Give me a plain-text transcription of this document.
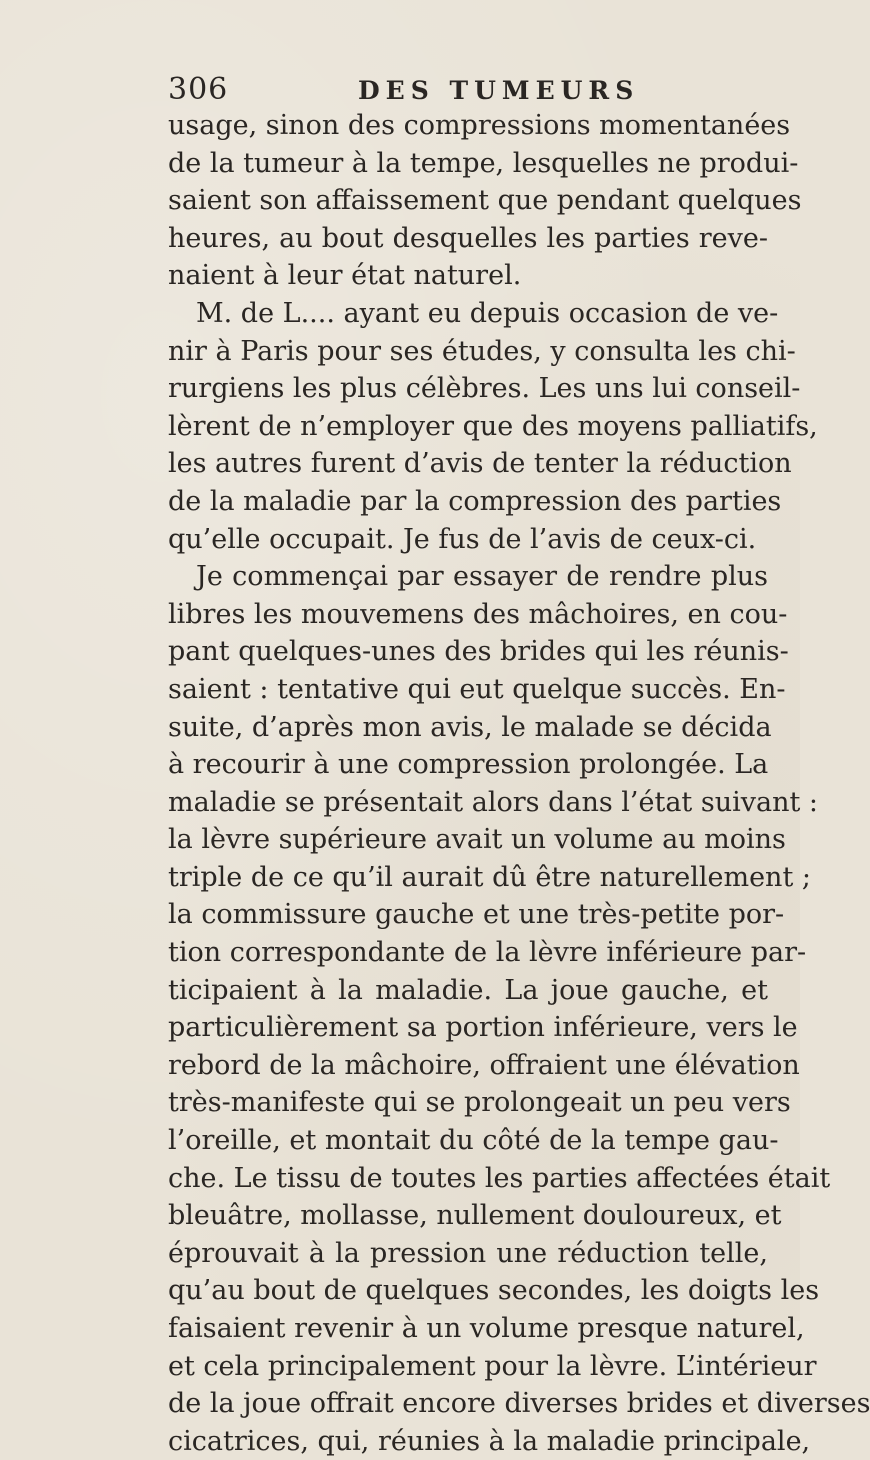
306	DES TUMEURS
usage, sinon des compressions momentanées
de la tumeur à la tempe, lesquelles ne produi-
saient son affaissement que pendant quelques
heures, au bout desquelles les parties reve-
naient à leur état naturel.
M. de L.... ayant eu depuis occasion de ve-
nir à Paris pour ses études, y consulta les chi-
rurgiens les plus célèbres. Les uns lui conseil-
lèrent de n’employer que des moyens palliatifs,
les autres furent d’avis de tenter la réduction
de la maladie par la compression des parties
qu’elle occupait. Je fus de l’avis de ceux-ci.
Je commençai par essayer de rendre plus
libres les mouvemens des mâchoires, en cou-
pant quelques-unes des brides qui les réunis-
saient : tentative qui eut quelque succès. En-
suite, d’après mon avis, le malade se décida
à recourir à une compression prolongée. La
maladie se présentait alors dans l’état suivant :
la lèvre supérieure avait un volume au moins
triple de ce qu’il aurait dû être naturellement ;
la commissure gauche et une très-petite por-
tion correspondante de la lèvre inférieure par-
ticipaient à la maladie. La joue gauche, et
particulièrement sa portion inférieure, vers le
rebord de la mâchoire, offraient une élévation
très-manifeste qui se prolongeait un peu vers
l’oreille, et montait du côté de la tempe gau-
che. Le tissu de toutes les parties affectées était
bleuâtre, mollasse, nullement douloureux, et
éprouvait à la pression une réduction telle,
qu’au bout de quelques secondes, les doigts les
faisaient revenir à un volume presque naturel,
et cela principalement pour la lèvre. L’intérieur
de la joue offrait encore diverses brides et diverses
cicatrices, qui, réunies à la maladie principale,
